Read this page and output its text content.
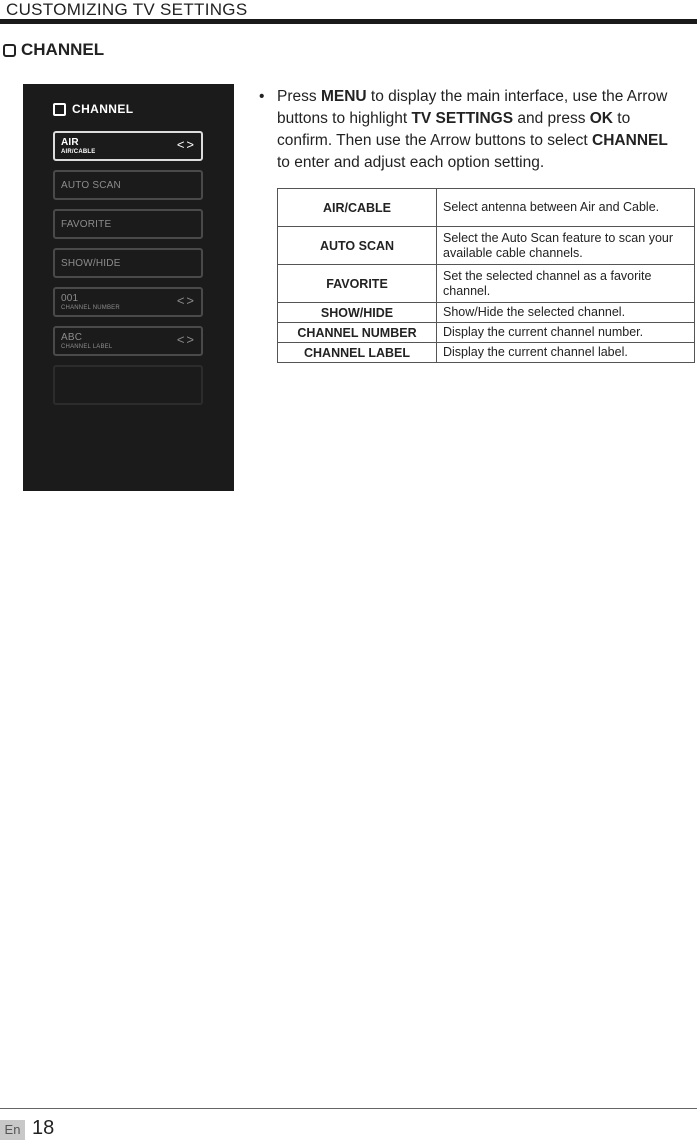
CUSTOMIZING TV SETTINGS
CHANNEL
CHANNEL
AIR
AIR/CABLE	<>
AUTO SCAN
FAVORITE
SHOW/HIDE
001
CHANNEL NUMBER	<>
ABC
CHANNEL LABEL	<>
• Press MENU to display the main interface, use the Arrow buttons to highlight TV SETTINGS and press OK to confirm. Then use the Arrow buttons to select CHANNEL to enter and adjust each option setting.
AIR/CABLE	Select antenna between Air and Cable.
AUTO SCAN	Select the Auto Scan feature to scan your available cable channels.
FAVORITE	Set the selected channel as a favorite channel.
SHOW/HIDE	Show/Hide the selected channel.
CHANNEL NUMBER	Display the current channel number.
CHANNEL LABEL	Display the current channel label.
En 18
